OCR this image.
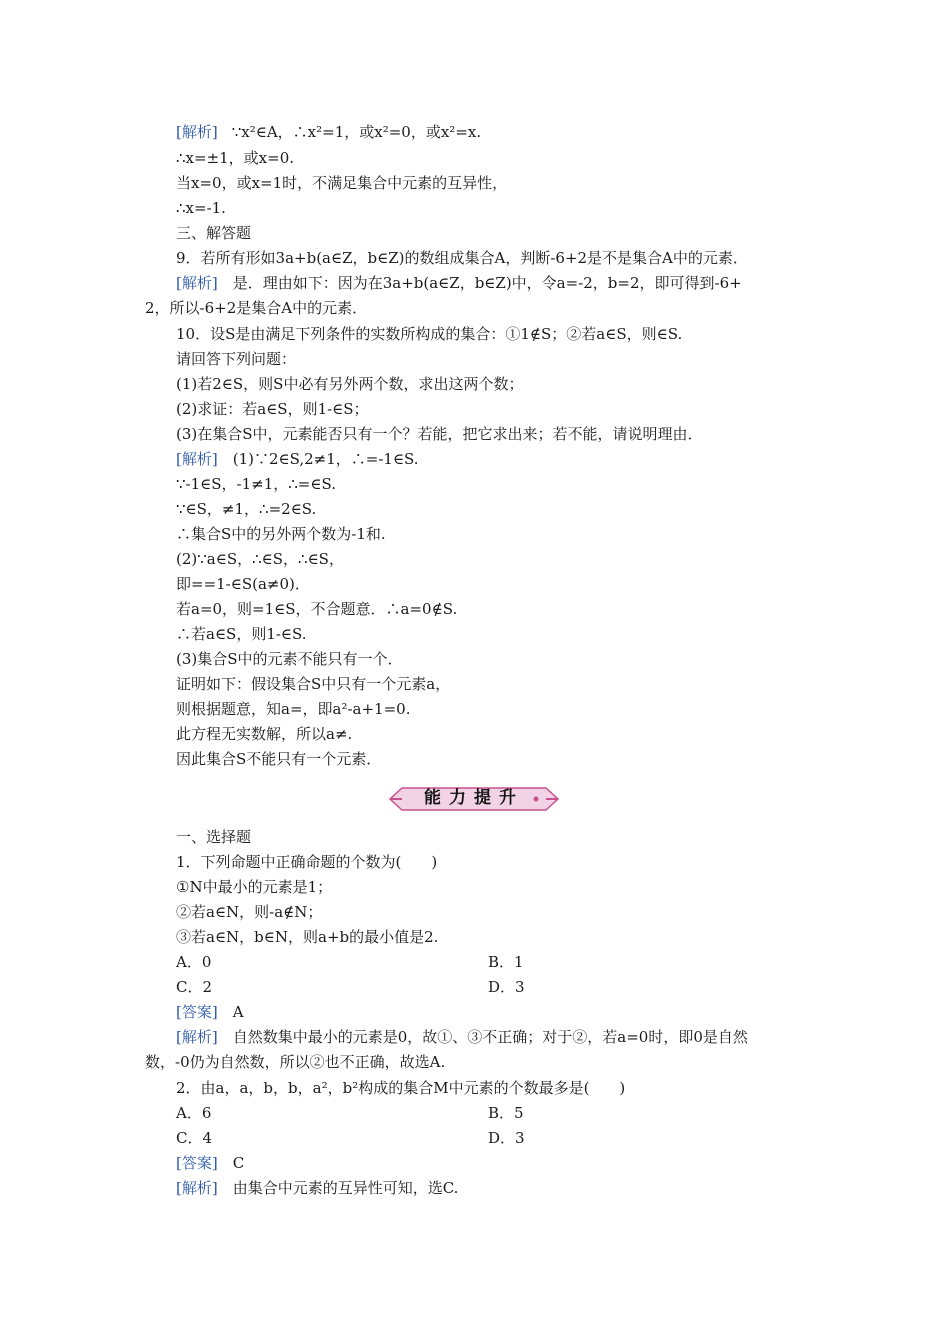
[解析] ∵x²∈A，∴x²=1，或x²=0，或x²=x.
∴x=±1，或x=0.
当x=0，或x=1时，不满足集合中元素的互异性，
∴x=-1.
三、解答题
9．若所有形如3a+b(a∈Z，b∈Z)的数组成集合A，判断-6+2是不是集合A中的元素．
[解析]　是．理由如下：因为在3a+b(a∈Z，b∈Z)中，令a=-2，b=2，即可得到-6+
2，所以-6+2是集合A中的元素．
10．设S是由满足下列条件的实数所构成的集合：①1∉S；②若a∈S，则∈S.
请回答下列问题：
(1)若2∈S，则S中必有另外两个数，求出这两个数；
(2)求证：若a∈S，则1-∈S；
(3)在集合S中，元素能否只有一个？若能，把它求出来；若不能，请说明理由．
[解析]　(1)∵2∈S,2≠1，∴=-1∈S.
∵-1∈S，-1≠1，∴=∈S.
∵∈S，≠1，∴=2∈S.
∴集合S中的另外两个数为-1和.
(2)∵a∈S，∴∈S，∴∈S，
即==1-∈S(a≠0)．
若a=0，则=1∈S，不合题意．∴a=0∉S.
∴若a∈S，则1-∈S.
(3)集合S中的元素不能只有一个．
证明如下：假设集合S中只有一个元素a，
则根据题意，知a=，即a²-a+1=0.
此方程无实数解，所以a≠.
因此集合S不能只有一个元素．
能力提升
一、选择题
1．下列命题中正确命题的个数为(　　)
①N中最小的元素是1；
②若a∈N，则-a∉N；
③若a∈N，b∈N，则a+b的最小值是2.
A．0	B．1
C．2	D．3
[答案]　A
[解析]　自然数集中最小的元素是0，故①、③不正确；对于②，若a=0时，即0是自然
数，-0仍为自然数，所以②也不正确，故选A.
2．由a，a，b，b，a²，b²构成的集合M中元素的个数最多是(　　)
A．6	B．5
C．4	D．3
[答案]　C
[解析]　由集合中元素的互异性可知，选C.
